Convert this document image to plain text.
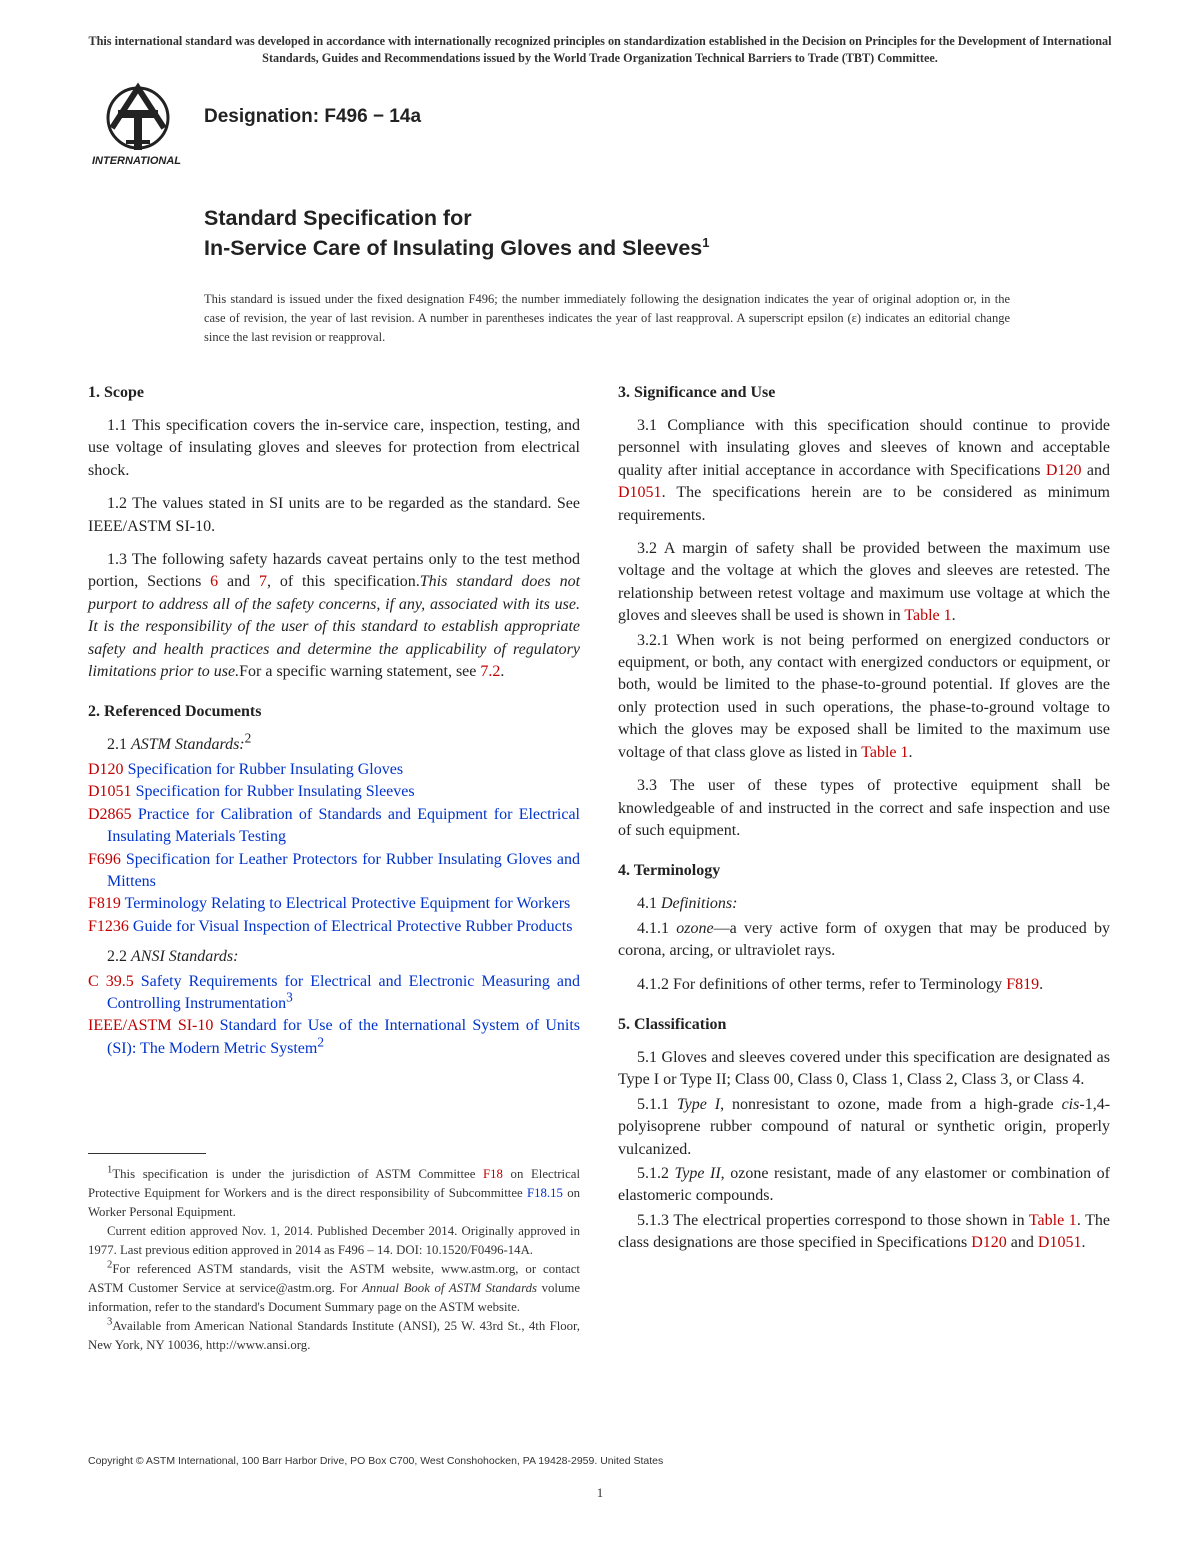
This international standard was developed in accordance with internationally recognized principles on standardization established in the Decision on Principles for the Development of International Standards, Guides and Recommendations issued by the World Trade Organization Technical Barriers to Trade (TBT) Committee.
INTERNATIONAL
Designation: F496 − 14a
Standard Specification for
In-Service Care of Insulating Gloves and Sleeves$^1$
This standard is issued under the fixed designation F496; the number immediately following the designation indicates the year of original adoption or, in the case of revision, the year of last revision. A number in parentheses indicates the year of last reapproval. A superscript epsilon (ε) indicates an editorial change since the last revision or reapproval.
1. Scope

1.1 This specification covers the in-service care, inspection, testing, and use voltage of insulating gloves and sleeves for protection from electrical shock.

1.2 The values stated in SI units are to be regarded as the standard. See IEEE/ASTM SI-10.

1.3 The following safety hazards caveat pertains only to the test method portion, Sections 6 and 7, of this specification.This standard does not purport to address all of the safety concerns, if any, associated with its use. It is the responsibility of the user of this standard to establish appropriate safety and health practices and determine the applicability of regulatory limitations prior to use.For a specific warning statement, see 7.2.

2. Referenced Documents
2.1 ASTM Standards:$^2$
D120 Specification for Rubber Insulating Gloves
D1051 Specification for Rubber Insulating Sleeves
D2865 Practice for Calibration of Standards and Equipment for Electrical Insulating Materials Testing
F696 Specification for Leather Protectors for Rubber Insulating Gloves and Mittens
F819 Terminology Relating to Electrical Protective Equipment for Workers
F1236 Guide for Visual Inspection of Electrical Protective Rubber Products
2.2 ANSI Standards:
C 39.5 Safety Requirements for Electrical and Electronic Measuring and Controlling Instrumentation$^3$
IEEE/ASTM SI-10 Standard for Use of the International System of Units (SI): The Modern Metric System$^2$
3. Significance and Use

3.1 Compliance with this specification should continue to provide personnel with insulating gloves and sleeves of known and acceptable quality after initial acceptance in accordance with Specifications D120 and D1051. The specifications herein are to be considered as minimum requirements.

3.2 A margin of safety shall be provided between the maximum use voltage and the voltage at which the gloves and sleeves are retested. The relationship between retest voltage and maximum use voltage at which the gloves and sleeves shall be used is shown in Table 1.

3.2.1 When work is not being performed on energized conductors or equipment, or both, any contact with energized conductors or equipment, or both, would be limited to the phase-to-ground potential. If gloves are the only protection used in such operations, the phase-to-ground voltage to which the gloves may be exposed shall be limited to the maximum use voltage of that class glove as listed in Table 1.

3.3 The user of these types of protective equipment shall be knowledgeable of and instructed in the correct and safe inspection and use of such equipment.

4. Terminology
4.1 Definitions:

4.1.1 ozone—a very active form of oxygen that may be produced by corona, arcing, or ultraviolet rays.

4.1.2 For definitions of other terms, refer to Terminology F819.

5. Classification

5.1 Gloves and sleeves covered under this specification are designated as Type I or Type II; Class 00, Class 0, Class 1, Class 2, Class 3, or Class 4.

5.1.1 Type I, nonresistant to ozone, made from a high-grade cis-1,4-polyisoprene rubber compound of natural or synthetic origin, properly vulcanized.

5.1.2 Type II, ozone resistant, made of any elastomer or combination of elastomeric compounds.

5.1.3 The electrical properties correspond to those shown in Table 1. The class designations are those specified in Specifications D120 and D1051.

$^1$This specification is under the jurisdiction of ASTM Committee F18 on Electrical Protective Equipment for Workers and is the direct responsibility of Subcommittee F18.15 on Worker Personal Equipment.

Current edition approved Nov. 1, 2014. Published December 2014. Originally approved in 1977. Last previous edition approved in 2014 as F496 – 14. DOI: 10.1520/F0496-14A.

$^2$For referenced ASTM standards, visit the ASTM website, www.astm.org, or contact ASTM Customer Service at service@astm.org. For Annual Book of ASTM Standards volume information, refer to the standard's Document Summary page on the ASTM website.

$^3$Available from American National Standards Institute (ANSI), 25 W. 43rd St., 4th Floor, New York, NY 10036, http://www.ansi.org.

Copyright © ASTM International, 100 Barr Harbor Drive, PO Box C700, West Conshohocken, PA 19428-2959. United States
1
